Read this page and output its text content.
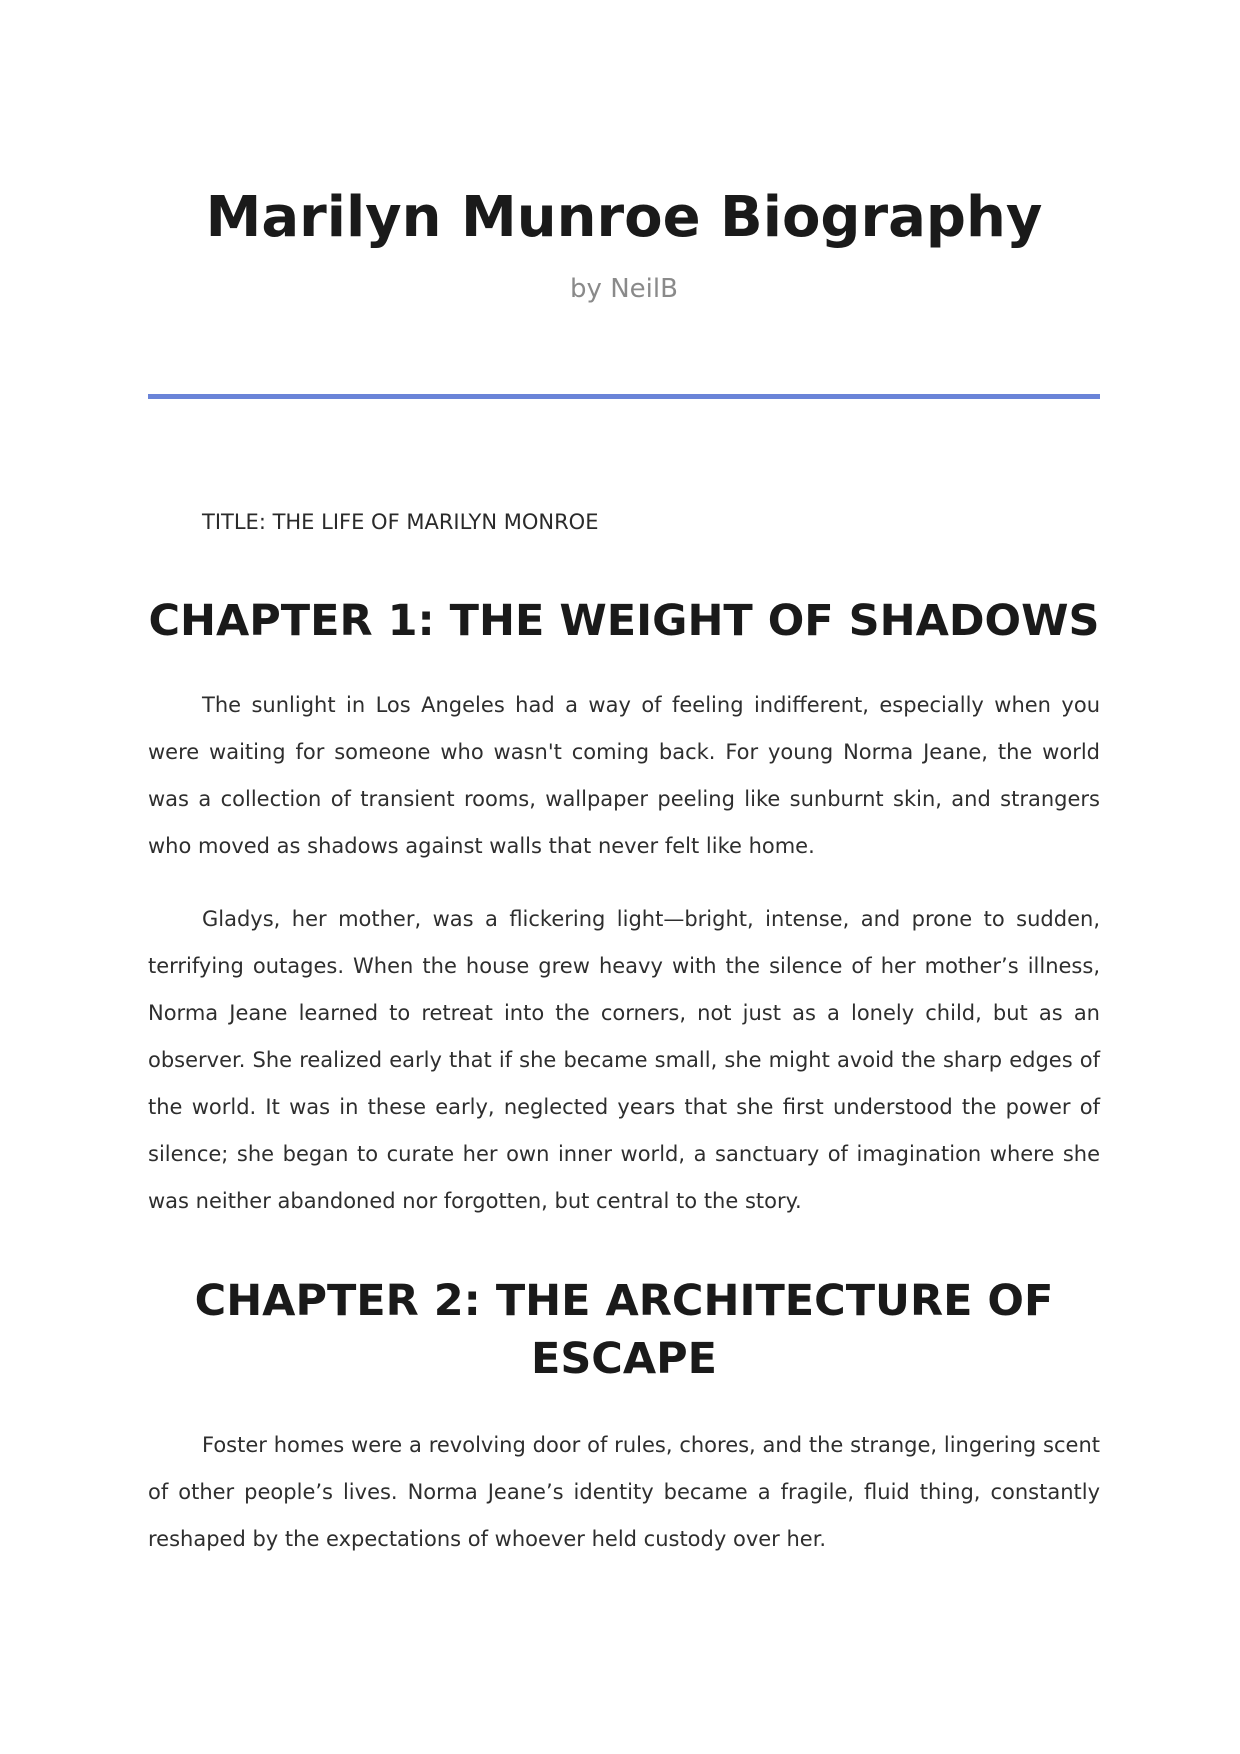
Marilyn Munroe Biography
by NeilB
TITLE: THE LIFE OF MARILYN MONROE
CHAPTER 1: THE WEIGHT OF SHADOWS

The sunlight in Los Angeles had a way of feeling indifferent, especially when you were waiting for someone who wasn't coming back. For young Norma Jeane, the world was a collection of transient rooms, wallpaper peeling like sunburnt skin, and strangers who moved as shadows against walls that never felt like home.

Gladys, her mother, was a flickering light—bright, intense, and prone to sudden, terrifying outages. When the house grew heavy with the silence of her mother’s illness, Norma Jeane learned to retreat into the corners, not just as a lonely child, but as an observer. She realized early that if she became small, she might avoid the sharp edges of the world. It was in these early, neglected years that she first understood the power of silence; she began to curate her own inner world, a sanctuary of imagination where she was neither abandoned nor forgotten, but central to the story.

CHAPTER 2: THE ARCHITECTURE OF ESCAPE

Foster homes were a revolving door of rules, chores, and the strange, lingering scent of other people’s lives. Norma Jeane’s identity became a fragile, fluid thing, constantly reshaped by the expectations of whoever held custody over her.
